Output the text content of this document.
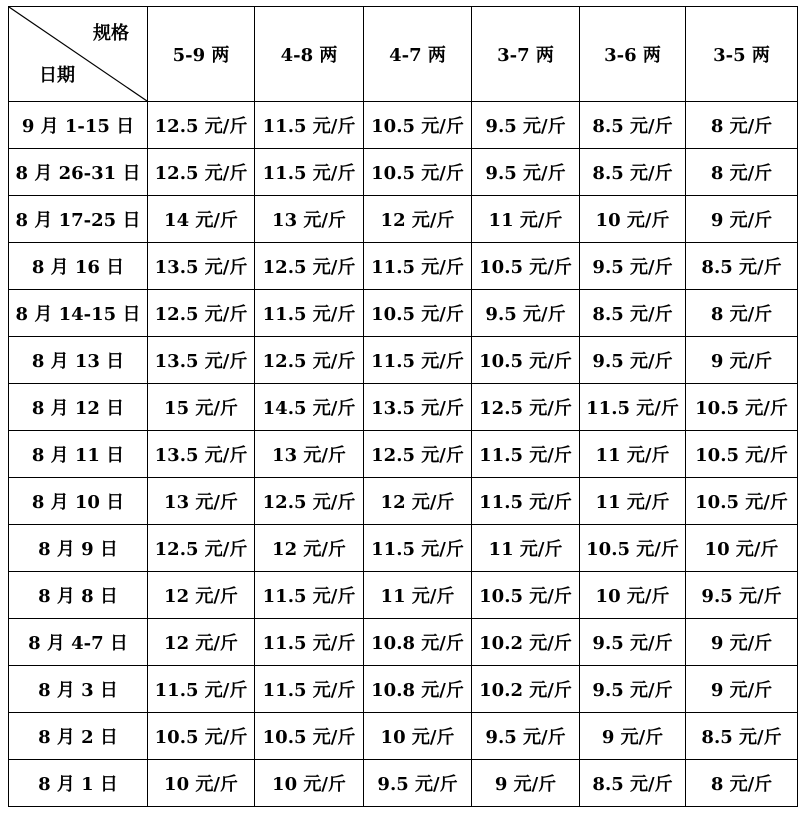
规格
日期	5-9 两	4-8 两	4-7 两	3-7 两	3-6 两	3-5 两
9 月 1-15 日	12.5 元/斤	11.5 元/斤	10.5 元/斤	9.5 元/斤	8.5 元/斤	8 元/斤
8 月 26-31 日	12.5 元/斤	11.5 元/斤	10.5 元/斤	9.5 元/斤	8.5 元/斤	8 元/斤
8 月 17-25 日	14 元/斤	13 元/斤	12 元/斤	11 元/斤	10 元/斤	9 元/斤
8 月 16 日	13.5 元/斤	12.5 元/斤	11.5 元/斤	10.5 元/斤	9.5 元/斤	8.5 元/斤
8 月 14-15 日	12.5 元/斤	11.5 元/斤	10.5 元/斤	9.5 元/斤	8.5 元/斤	8 元/斤
8 月 13 日	13.5 元/斤	12.5 元/斤	11.5 元/斤	10.5 元/斤	9.5 元/斤	9 元/斤
8 月 12 日	15 元/斤	14.5 元/斤	13.5 元/斤	12.5 元/斤	11.5 元/斤	10.5 元/斤
8 月 11 日	13.5 元/斤	13 元/斤	12.5 元/斤	11.5 元/斤	11 元/斤	10.5 元/斤
8 月 10 日	13 元/斤	12.5 元/斤	12 元/斤	11.5 元/斤	11 元/斤	10.5 元/斤
8 月 9 日	12.5 元/斤	12 元/斤	11.5 元/斤	11 元/斤	10.5 元/斤	10 元/斤
8 月 8 日	12 元/斤	11.5 元/斤	11 元/斤	10.5 元/斤	10 元/斤	9.5 元/斤
8 月 4-7 日	12 元/斤	11.5 元/斤	10.8 元/斤	10.2 元/斤	9.5 元/斤	9 元/斤
8 月 3 日	11.5 元/斤	11.5 元/斤	10.8 元/斤	10.2 元/斤	9.5 元/斤	9 元/斤
8 月 2 日	10.5 元/斤	10.5 元/斤	10 元/斤	9.5 元/斤	9 元/斤	8.5 元/斤
8 月 1 日	10 元/斤	10 元/斤	9.5 元/斤	9 元/斤	8.5 元/斤	8 元/斤
